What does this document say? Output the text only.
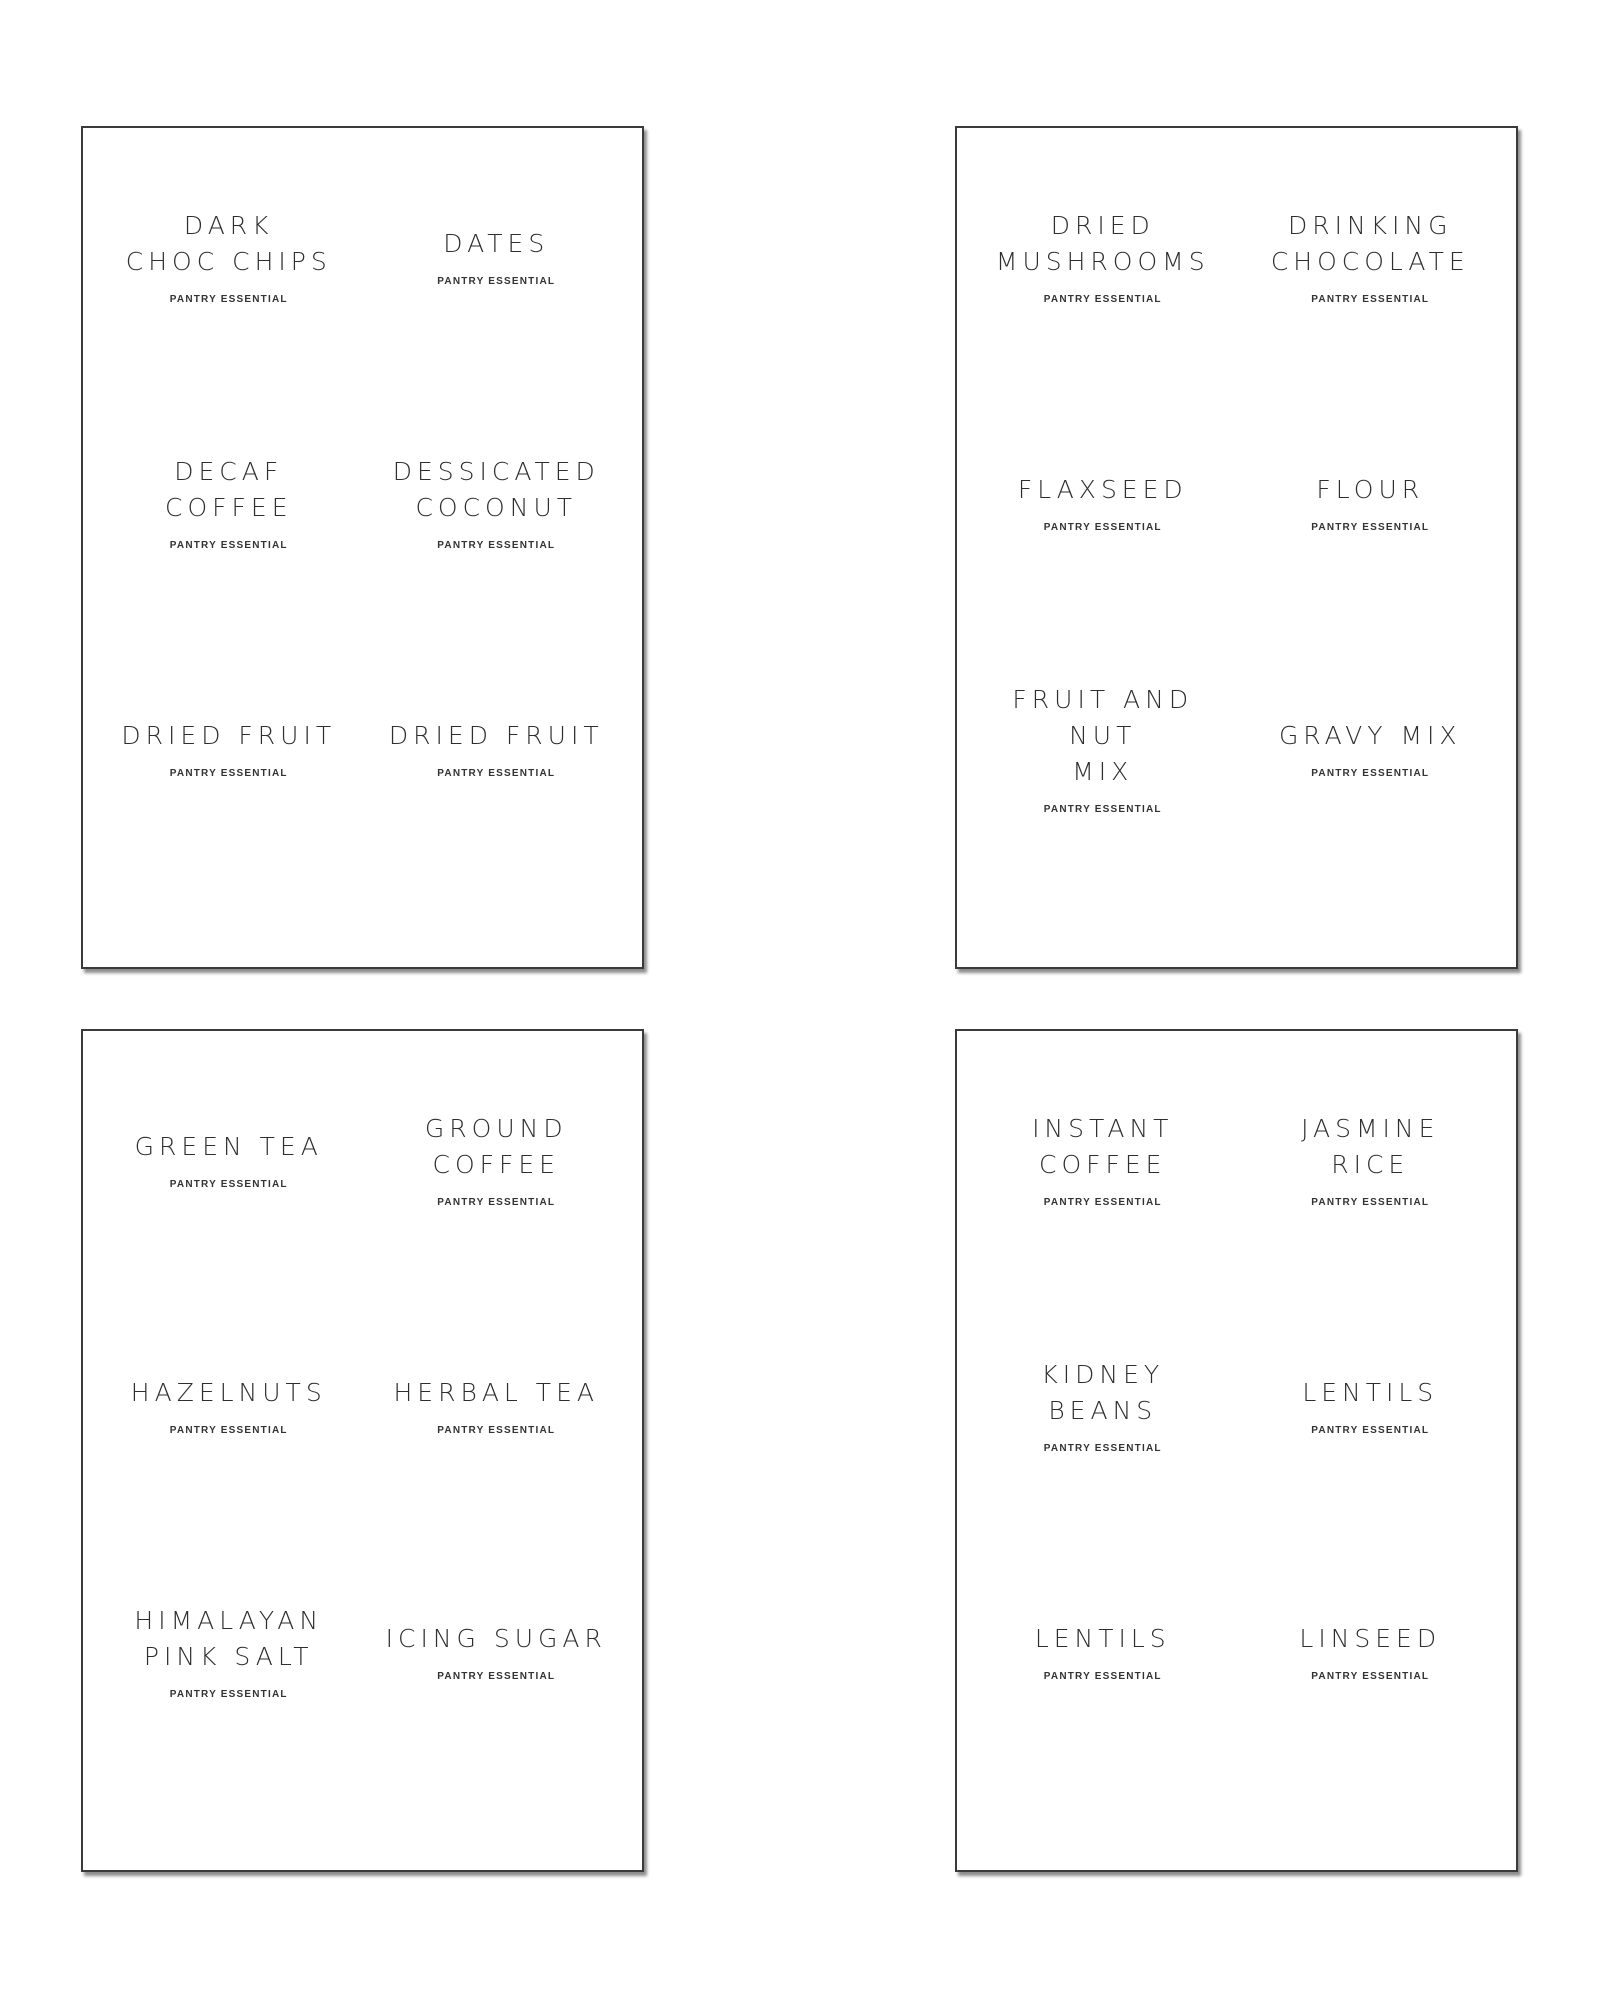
DARK
CHOC CHIPS
PANTRY ESSENTIAL
DATES
PANTRY ESSENTIAL
DECAF
COFFEE
PANTRY ESSENTIAL
DESSICATED
COCONUT
PANTRY ESSENTIAL
DRIED FRUIT
PANTRY ESSENTIAL
DRIED FRUIT
PANTRY ESSENTIAL
DRIED
MUSHROOMS
PANTRY ESSENTIAL
DRINKING
CHOCOLATE
PANTRY ESSENTIAL
FLAXSEED
PANTRY ESSENTIAL
FLOUR
PANTRY ESSENTIAL
FRUIT AND NUT
MIX
PANTRY ESSENTIAL
GRAVY MIX
PANTRY ESSENTIAL
GREEN TEA
PANTRY ESSENTIAL
GROUND
COFFEE
PANTRY ESSENTIAL
HAZELNUTS
PANTRY ESSENTIAL
HERBAL TEA
PANTRY ESSENTIAL
HIMALAYAN
PINK SALT
PANTRY ESSENTIAL
ICING SUGAR
PANTRY ESSENTIAL
INSTANT
COFFEE
PANTRY ESSENTIAL
JASMINE
RICE
PANTRY ESSENTIAL
KIDNEY
BEANS
PANTRY ESSENTIAL
LENTILS
PANTRY ESSENTIAL
LENTILS
PANTRY ESSENTIAL
LINSEED
PANTRY ESSENTIAL
